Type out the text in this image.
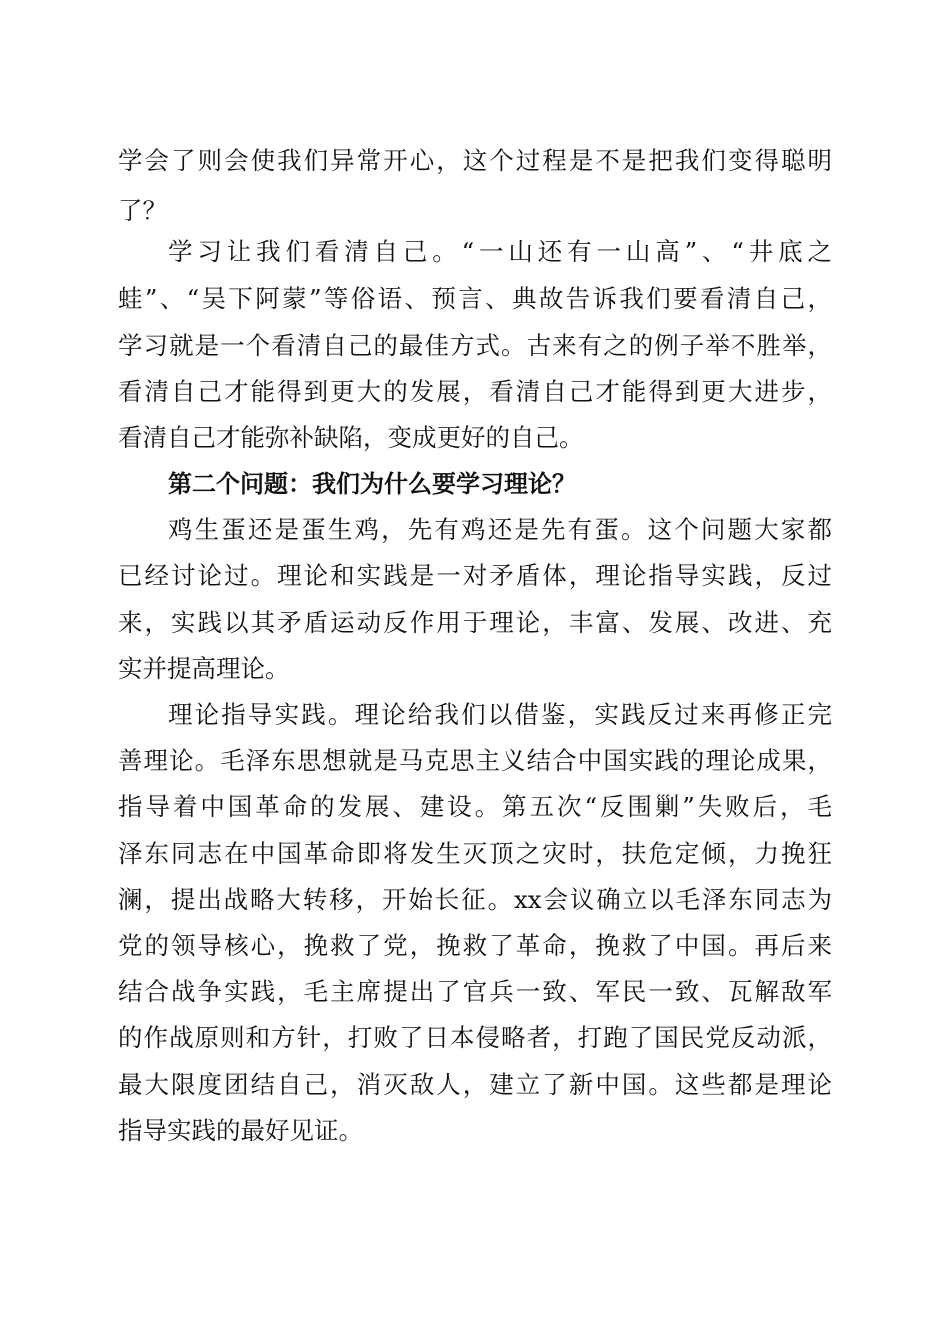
学会了则会使我们异常开心，这个过程是不是把我们变得聪明

了？

学习让我们看清自己。“一山还有一山高”、“井底之

蛙”、“吴下阿蒙”等俗语、预言、典故告诉我们要看清自己，

学习就是一个看清自己的最佳方式。古来有之的例子举不胜举，

看清自己才能得到更大的发展，看清自己才能得到更大进步，

看清自己才能弥补缺陷，变成更好的自己。

第二个问题：我们为什么要学习理论？

鸡生蛋还是蛋生鸡，先有鸡还是先有蛋。这个问题大家都

已经讨论过。理论和实践是一对矛盾体，理论指导实践，反过

来，实践以其矛盾运动反作用于理论，丰富、发展、改进、充

实并提高理论。

理论指导实践。理论给我们以借鉴，实践反过来再修正完

善理论。毛泽东思想就是马克思主义结合中国实践的理论成果，

指导着中国革命的发展、建设。第五次“反围剿”失败后，毛

泽东同志在中国革命即将发生灭顶之灾时，扶危定倾，力挽狂

澜，提出战略大转移，开始长征。xx会议确立以毛泽东同志为

党的领导核心，挽救了党，挽救了革命，挽救了中国。再后来

结合战争实践，毛主席提出了官兵一致、军民一致、瓦解敌军

的作战原则和方针，打败了日本侵略者，打跑了国民党反动派，

最大限度团结自己，消灭敌人，建立了新中国。这些都是理论

指导实践的最好见证。
